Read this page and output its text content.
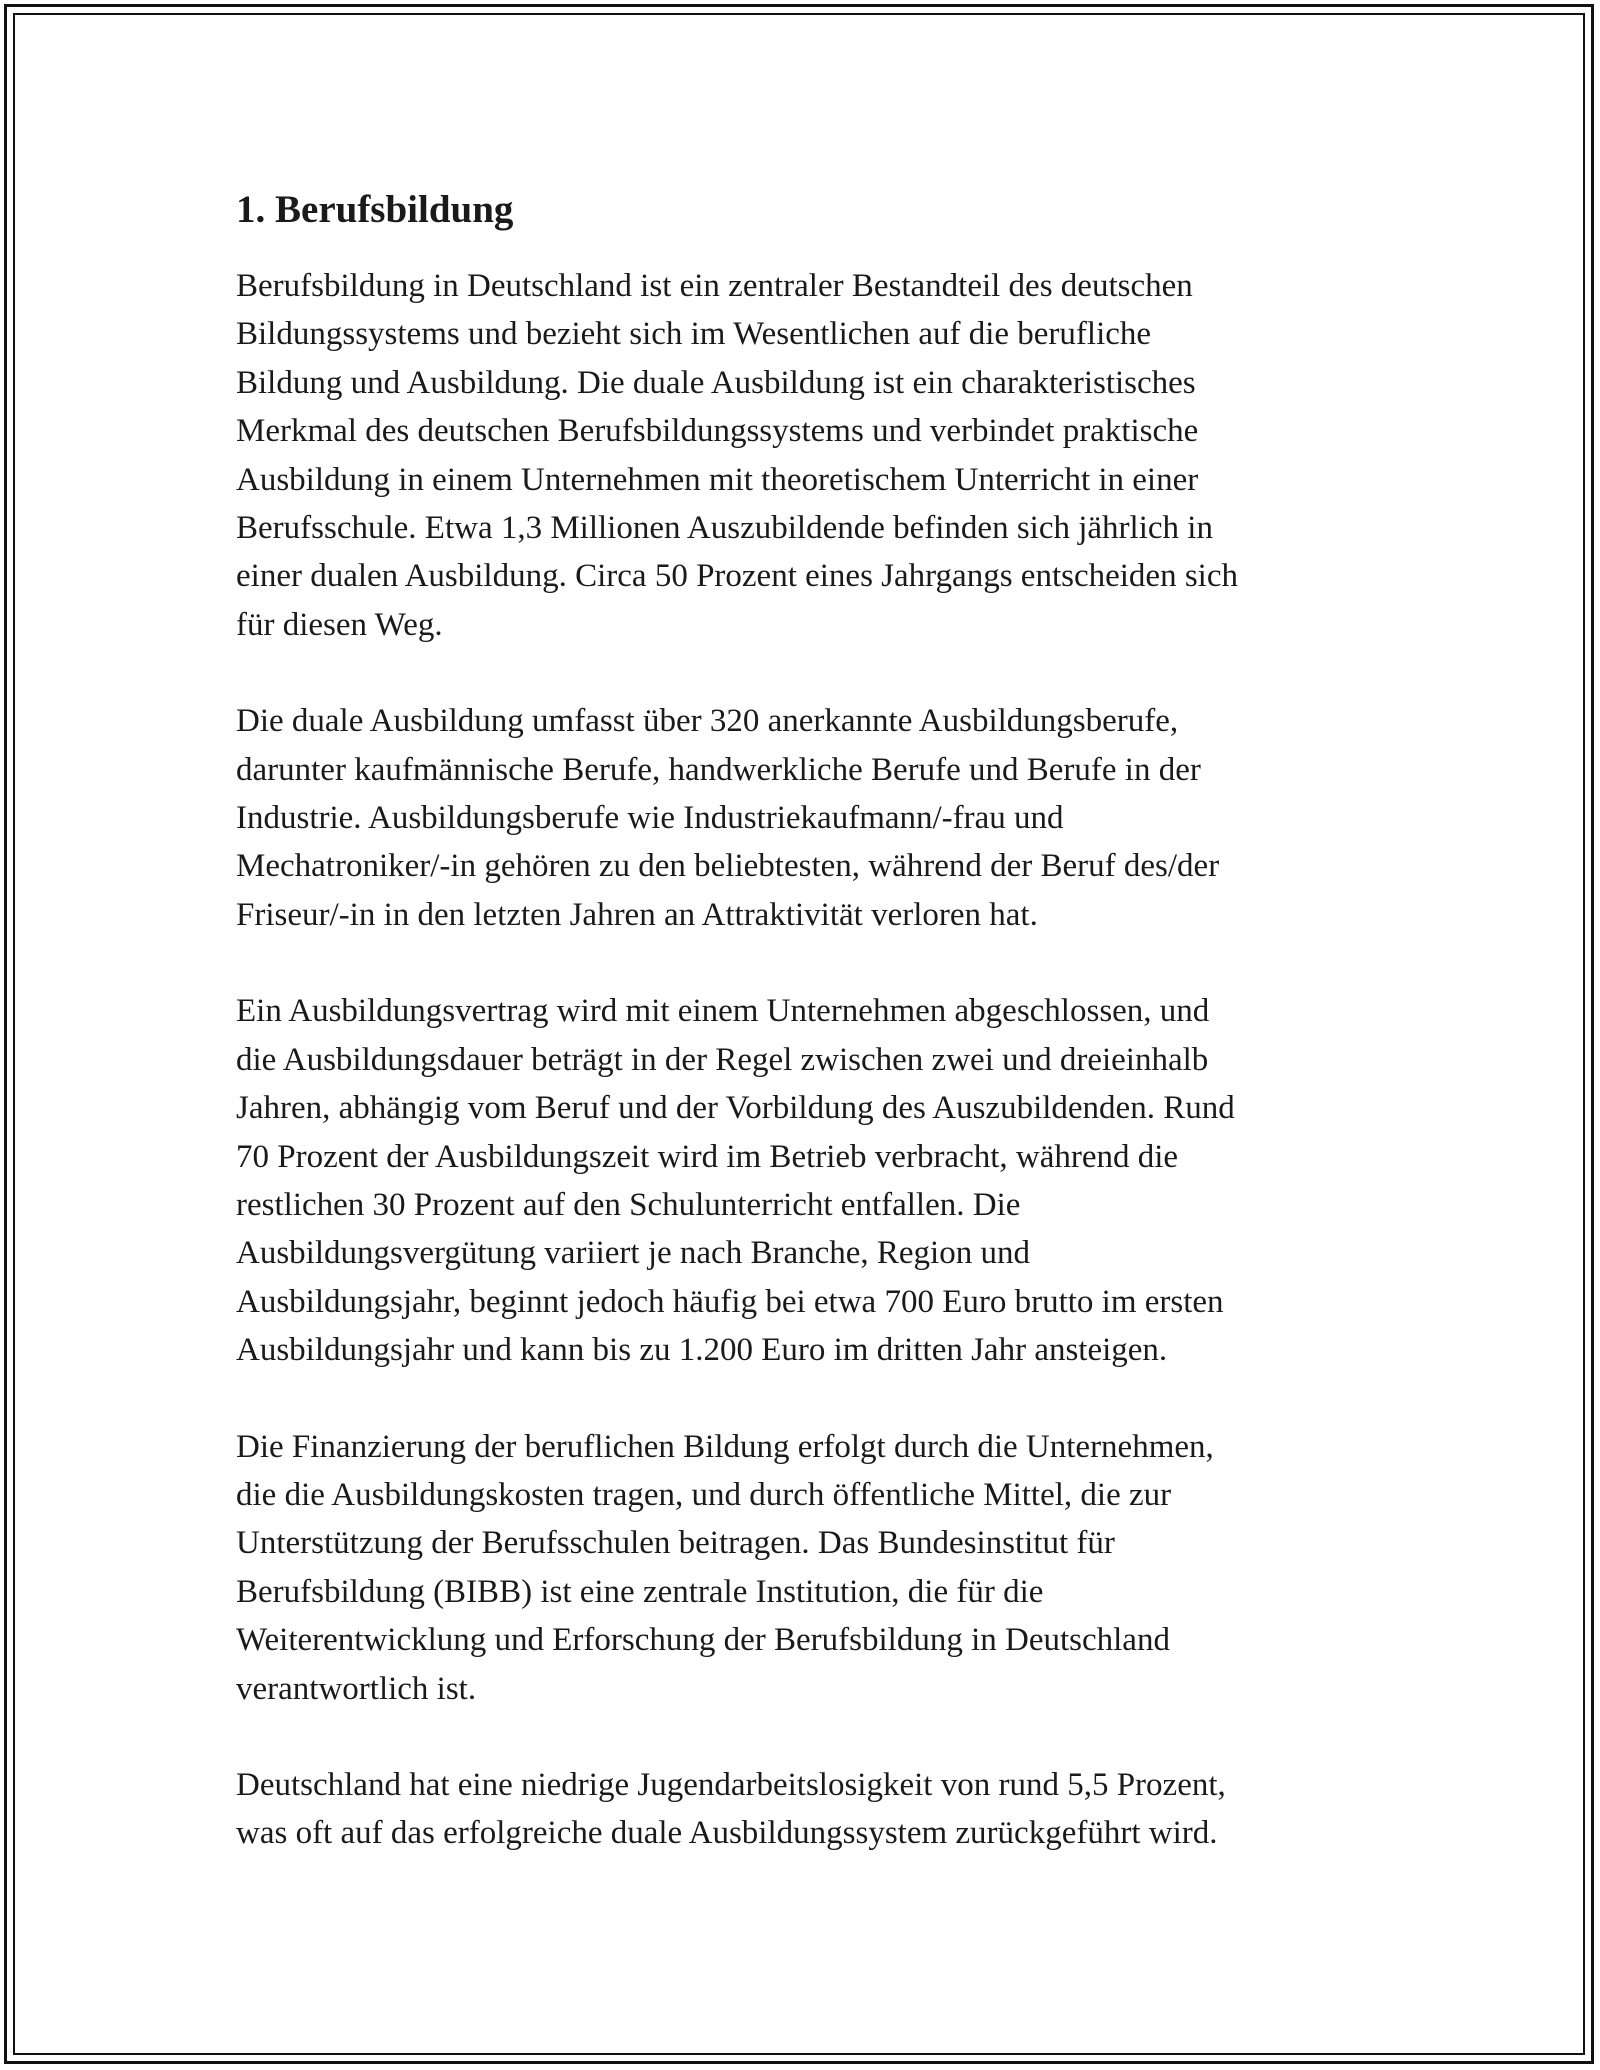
1. Berufsbildung

Berufsbildung in Deutschland ist ein zentraler Bestandteil des deutschen
Bildungssystems und bezieht sich im Wesentlichen auf die berufliche
Bildung und Ausbildung. Die duale Ausbildung ist ein charakteristisches
Merkmal des deutschen Berufsbildungssystems und verbindet praktische
Ausbildung in einem Unternehmen mit theoretischem Unterricht in einer
Berufsschule. Etwa 1,3 Millionen Auszubildende befinden sich jährlich in
einer dualen Ausbildung. Circa 50 Prozent eines Jahrgangs entscheiden sich
für diesen Weg.

Die duale Ausbildung umfasst über 320 anerkannte Ausbildungsberufe,
darunter kaufmännische Berufe, handwerkliche Berufe und Berufe in der
Industrie. Ausbildungsberufe wie Industriekaufmann/-frau und
Mechatroniker/-in gehören zu den beliebtesten, während der Beruf des/der
Friseur/-in in den letzten Jahren an Attraktivität verloren hat.

Ein Ausbildungsvertrag wird mit einem Unternehmen abgeschlossen, und
die Ausbildungsdauer beträgt in der Regel zwischen zwei und dreieinhalb
Jahren, abhängig vom Beruf und der Vorbildung des Auszubildenden. Rund
70 Prozent der Ausbildungszeit wird im Betrieb verbracht, während die
restlichen 30 Prozent auf den Schulunterricht entfallen. Die
Ausbildungsvergütung variiert je nach Branche, Region und
Ausbildungsjahr, beginnt jedoch häufig bei etwa 700 Euro brutto im ersten
Ausbildungsjahr und kann bis zu 1.200 Euro im dritten Jahr ansteigen.

Die Finanzierung der beruflichen Bildung erfolgt durch die Unternehmen,
die die Ausbildungskosten tragen, und durch öffentliche Mittel, die zur
Unterstützung der Berufsschulen beitragen. Das Bundesinstitut für
Berufsbildung (BIBB) ist eine zentrale Institution, die für die
Weiterentwicklung und Erforschung der Berufsbildung in Deutschland
verantwortlich ist.

Deutschland hat eine niedrige Jugendarbeitslosigkeit von rund 5,5 Prozent,
was oft auf das erfolgreiche duale Ausbildungssystem zurückgeführt wird.
